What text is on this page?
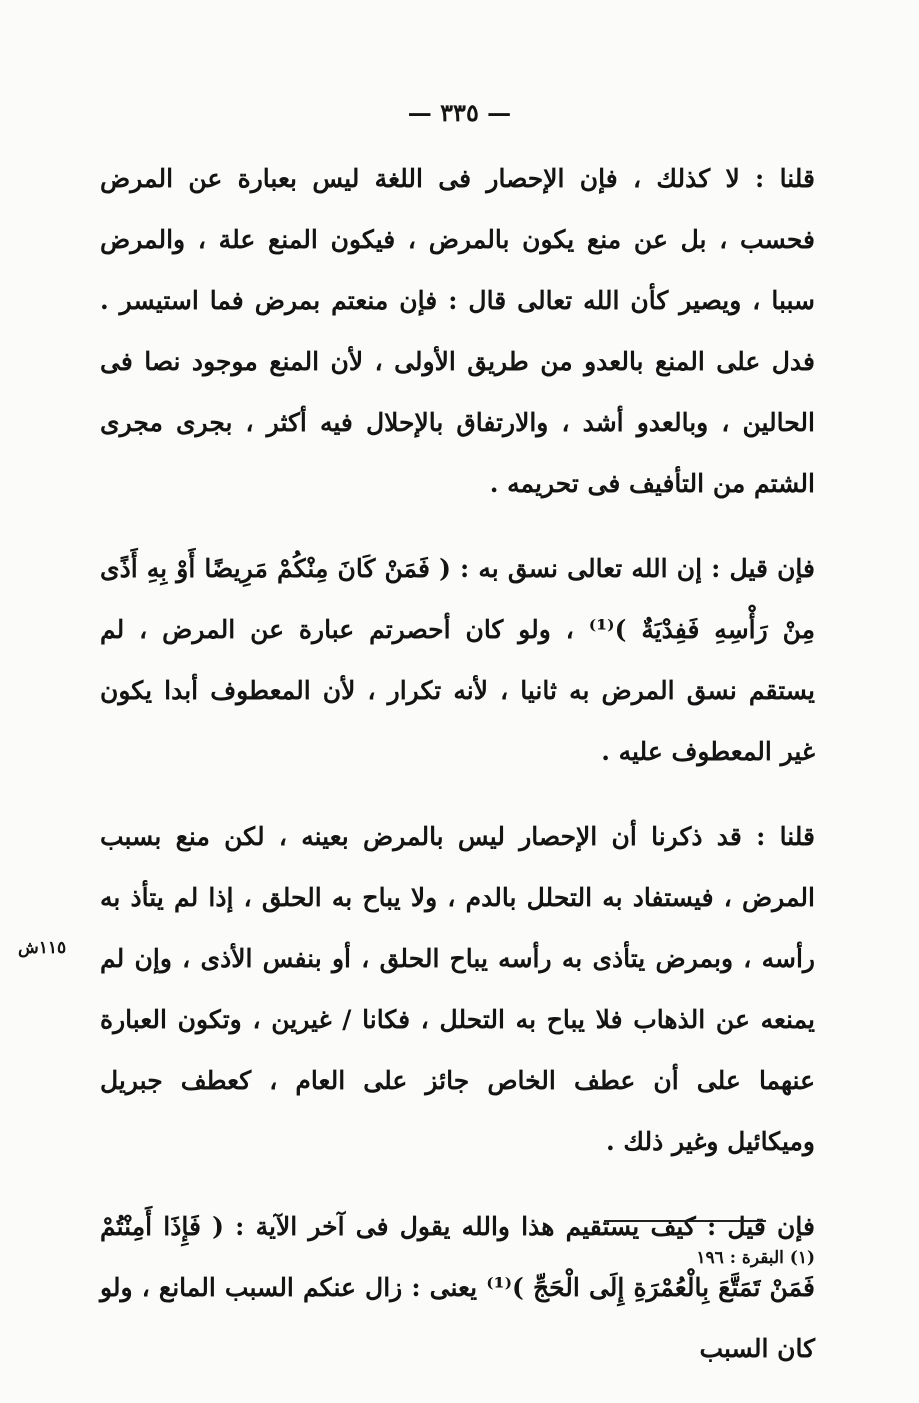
— ٣٣٥ —

قلنا : لا كذلك ، فإن الإحصار فى اللغة ليس بعبارة عن المرض فحسب ، بل عن منع يكون بالمرض ، فيكون المنع علة ، والمرض سببا ، ويصير كأن الله تعالى قال : فإن منعتم بمرض فما استيسر . فدل على المنع بالعدو من طريق الأولى ، لأن المنع موجود نصا فى الحالين ، وبالعدو أشد ، والارتفاق بالإحلال فيه أكثر ، بجرى مجرى الشتم من التأفيف فى تحريمه .

فإن قيل : إن الله تعالى نسق به : ( فَمَنْ كَانَ مِنْكُمْ مَرِيضًا أَوْ بِهِ أَذًى مِنْ رَأْسِهِ فَفِدْيَةٌ )⁽¹⁾ ، ولو كان أحصرتم عبارة عن المرض ، لم يستقم نسق المرض به ثانيا ، لأنه تكرار ، لأن المعطوف أبدا يكون غير المعطوف عليه .

قلنا : قد ذكرنا أن الإحصار ليس بالمرض بعينه ، لكن منع بسبب المرض ، فيستفاد به التحلل بالدم ، ولا يباح به الحلق ، إذا لم يتأذ به رأسه ، وبمرض يتأذى به رأسه يباح الحلق ، أو بنفس الأذى ، وإن لم يمنعه عن الذهاب فلا يباح به التحلل ، فكانا / غيرين ، وتكون العبارة عنهما على أن عطف الخاص جائز على العام ، كعطف جبريل وميكائيل وغير ذلك .

فإن قيل : كيف يستقيم هذا والله يقول فى آخر الآية : ( فَإِذَا أَمِنْتُمْ فَمَنْ تَمَتَّعَ بِالْعُمْرَةِ إِلَى الْحَجِّ )⁽¹⁾ يعنى : زال عنكم السبب المانع ، ولو كان السبب

١١٥ش
(١) البقرة : ١٩٦
